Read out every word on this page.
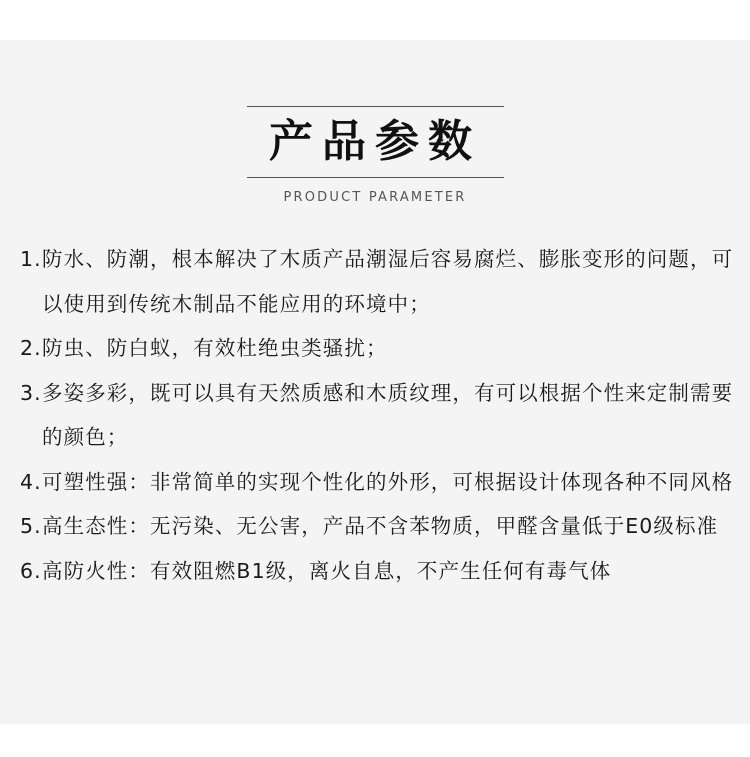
产品参数
PRODUCT PARAMETER
1. 防水、防潮，根本解决了木质产品潮湿后容易腐烂、膨胀变形的问题，可以使用到传统木制品不能应用的环境中；
2. 防虫、防白蚁，有效杜绝虫类骚扰；
3. 多姿多彩，既可以具有天然质感和木质纹理，有可以根据个性来定制需要的颜色；
4. 可塑性强：非常简单的实现个性化的外形，可根据设计体现各种不同风格
5. 高生态性：无污染、无公害，产品不含苯物质，甲醛含量低于E0级标准
6. 高防火性：有效阻燃B1级，离火自息，不产生任何有毒气体
